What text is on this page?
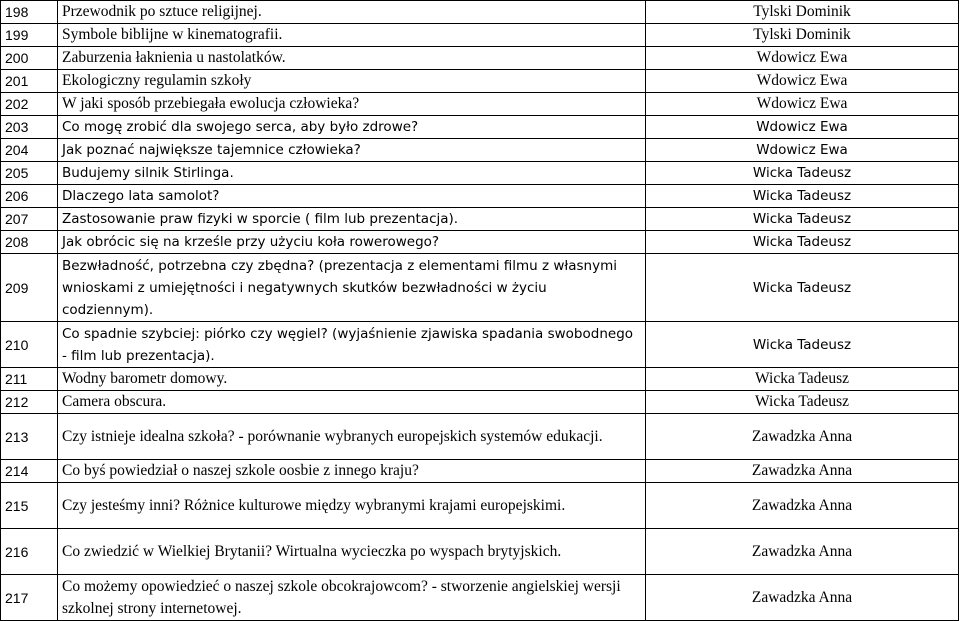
198	Przewodnik po sztuce religijnej.	Tylski Dominik
199	Symbole biblijne w kinematografii.	Tylski Dominik
200	Zaburzenia łaknienia u nastolatków.	Wdowicz Ewa
201	Ekologiczny regulamin szkoły	Wdowicz Ewa
202	W jaki sposób przebiegała ewolucja człowieka?	Wdowicz Ewa
203	Co mogę zrobić dla swojego serca, aby było zdrowe?	Wdowicz Ewa
204	Jak poznać największe tajemnice człowieka?	Wdowicz Ewa
205	Budujemy silnik Stirlinga.	Wicka Tadeusz
206	Dlaczego lata samolot?	Wicka Tadeusz
207	Zastosowanie praw fizyki w sporcie ( film lub prezentacja).	Wicka Tadeusz
208	Jak obrócic się na krześle przy użyciu koła rowerowego?	Wicka Tadeusz
209	Bezwładność, potrzebna czy zbędna? (prezentacja z elementami filmu z własnymi wnioskami z umiejętności i negatywnych skutków bezwładności w życiu codziennym).	Wicka Tadeusz
210	Co spadnie szybciej: piórko czy węgiel? (wyjaśnienie zjawiska spadania swobodnego - film lub prezentacja).	Wicka Tadeusz
211	Wodny barometr domowy.	Wicka Tadeusz
212	Camera obscura.	Wicka Tadeusz
213	Czy istnieje idealna szkoła? - porównanie wybranych europejskich systemów edukacji.	Zawadzka Anna
214	Co byś powiedział o naszej szkole oosbie z innego kraju?	Zawadzka Anna
215	Czy jesteśmy inni? Różnice kulturowe między wybranymi krajami europejskimi.	Zawadzka Anna
216	Co zwiedzić w Wielkiej Brytanii? Wirtualna wycieczka po wyspach brytyjskich.	Zawadzka Anna
217	Co możemy opowiedzieć o naszej szkole obcokrajowcom? - stworzenie angielskiej wersji szkolnej strony internetowej.	Zawadzka Anna
